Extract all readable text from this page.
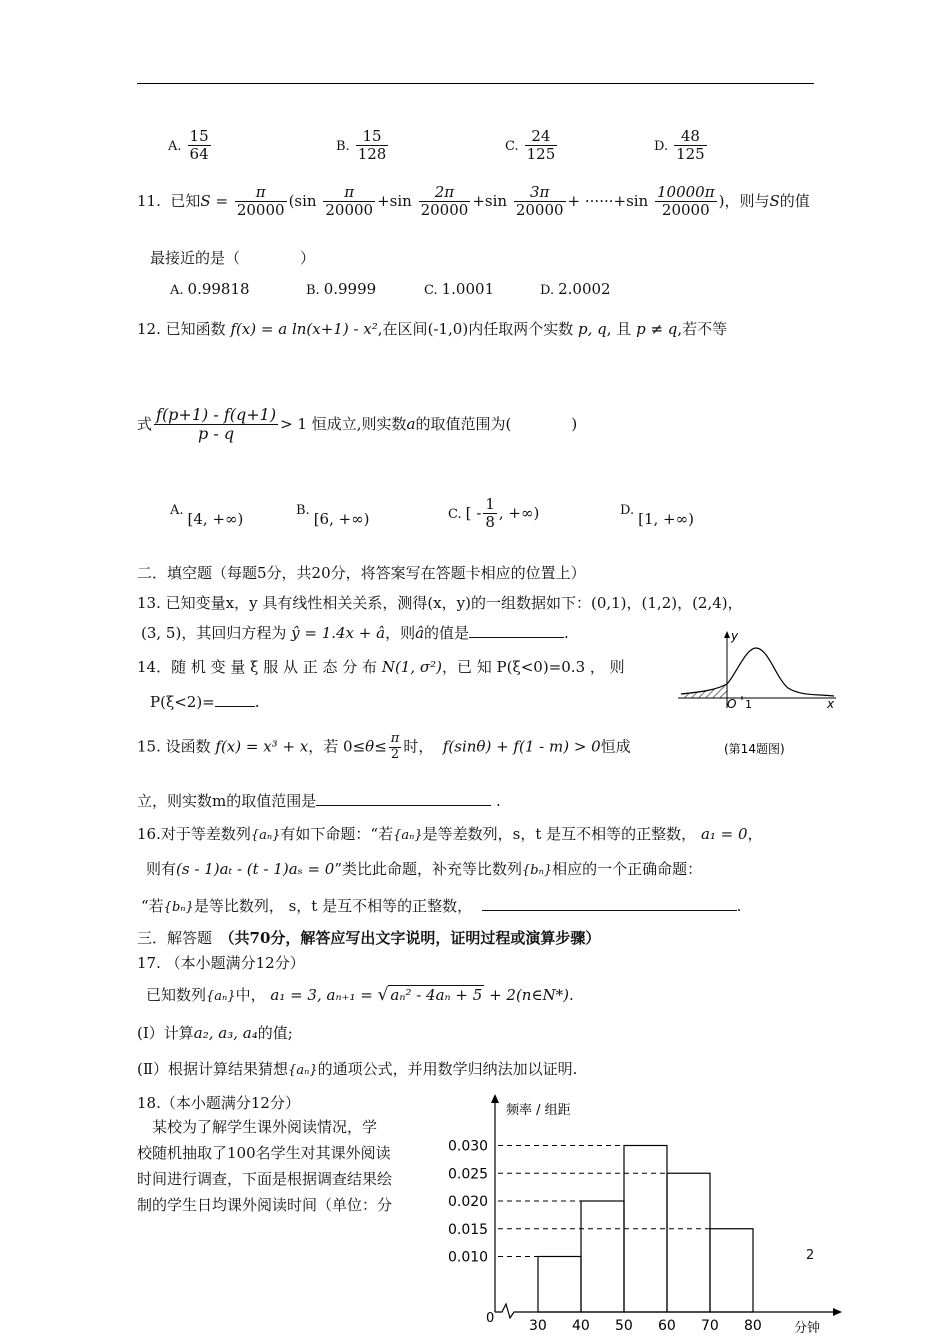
A. $\frac{15}{64}$	B. $\frac{15}{128}$	C. $\frac{24}{125}$	D. $\frac{48}{125}$
11. 已知$S = \frac{\pi}{20000} (\sin \frac{\pi}{20000} +\sin \frac{2\pi}{20000} +\sin \frac{3\pi}{20000} + \cdot\cdot\cdot\cdot\cdot\cdot+\sin \frac{10000\pi}{20000}$ )，则与S的值
最接近的是（　　　　）
A. 0.99818	B. 0.9999	C. 1.0001	D. 2.0002
12. 已知函数 f(x) = a ln(x+1) - x²,在区间(-1,0)内任取两个实数 p, q, 且 p ≠ q,若不等
式 $\frac{f(p+1) - f(q+1)}{p - q} > 1$ 恒成立,则实数a的取值范围为(　　　　)
A. [4, +∞)	B. [6, +∞)	C. [ - $\frac{1}{8}$ , +∞)	D. [1, +∞)
二．填空题（每题5分，共20分，将答案写在答题卡相应的位置上）
13. 已知变量x，y 具有线性相关关系，测得(x，y)的一组数据如下：(0,1)，(1,2)，(2,4)，
(3, 5)，其回归方程为 ŷ = 1.4x + â，则â的值是	.
14．随 机 变 量 ξ 服 从 正 态 分 布 N(1, σ²)，已 知 P(ξ<0)=0.3 ， 则
P(ξ<2)=	.
y
x
O 1
(第14题图)
15. 设函数 f(x) = x³ + x，若 $0\le\theta\le \frac{\pi}{2}$ 时， f(sinθ) + f(1 - m) > 0恒成
立，则实数m的取值范围是	.
16.对于等差数列{aₙ}有如下命题：“若{aₙ}是等差数列，s，t 是互不相等的正整数， a₁ = 0，
则有(s - 1)aₜ - (t - 1)aₛ = 0”类比此命题，补充等比数列{bₙ}相应的一个正确命题：
“若{bₙ}是等比数列， s，t 是互不相等的正整数，	.
三．解答题　（共70分，解答应写出文字说明，证明过程或演算步骤）
17. （本小题满分12分）
已知数列{aₙ}中， a₁ = 3, aₙ₊₁ = √ aₙ² - 4aₙ + 5 + 2(n∈N*).
(Ⅰ）计算a₂, a₃, a₄的值;
(Ⅱ）根据计算结果猜想{aₙ}的通项公式，并用数学归纳法加以证明.
18.（本小题满分12分）
　某校为了解学生课外阅读情况，学
校随机抽取了100名学生对其课外阅读
时间进行调查，下面是根据调查结果绘
制的学生日均课外阅读时间（单位：分
频率 / 组距
分钟
0
0.010
0.015
0.020
0.025
0.030
30 40 50 60 70 80
2
